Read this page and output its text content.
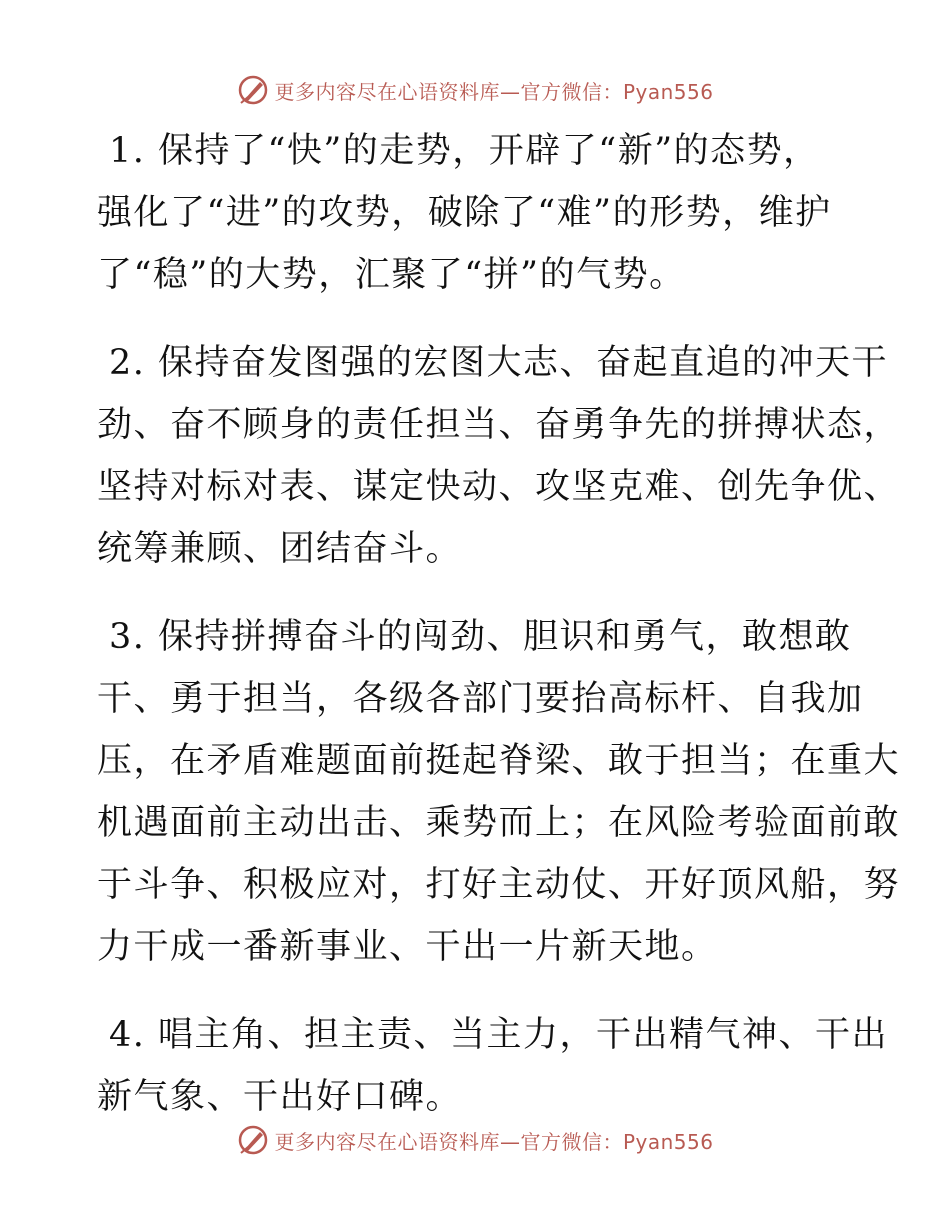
更多内容尽在心语资料库—官方微信：Pyan556
1. 保持了“快”的走势，开辟了“新”的态势，
强化了“进”的攻势，破除了“难”的形势，维护
了“稳”的大势，汇聚了“拼”的气势。
2. 保持奋发图强的宏图大志、奋起直追的冲天干
劲、奋不顾身的责任担当、奋勇争先的拼搏状态，
坚持对标对表、谋定快动、攻坚克难、创先争优、
统筹兼顾、团结奋斗。
3. 保持拼搏奋斗的闯劲、胆识和勇气，敢想敢
干、勇于担当，各级各部门要抬高标杆、自我加
压，在矛盾难题面前挺起脊梁、敢于担当；在重大
机遇面前主动出击、乘势而上；在风险考验面前敢
于斗争、积极应对，打好主动仗、开好顶风船，努
力干成一番新事业、干出一片新天地。
4. 唱主角、担主责、当主力，干出精气神、干出
新气象、干出好口碑。
更多内容尽在心语资料库—官方微信：Pyan556
